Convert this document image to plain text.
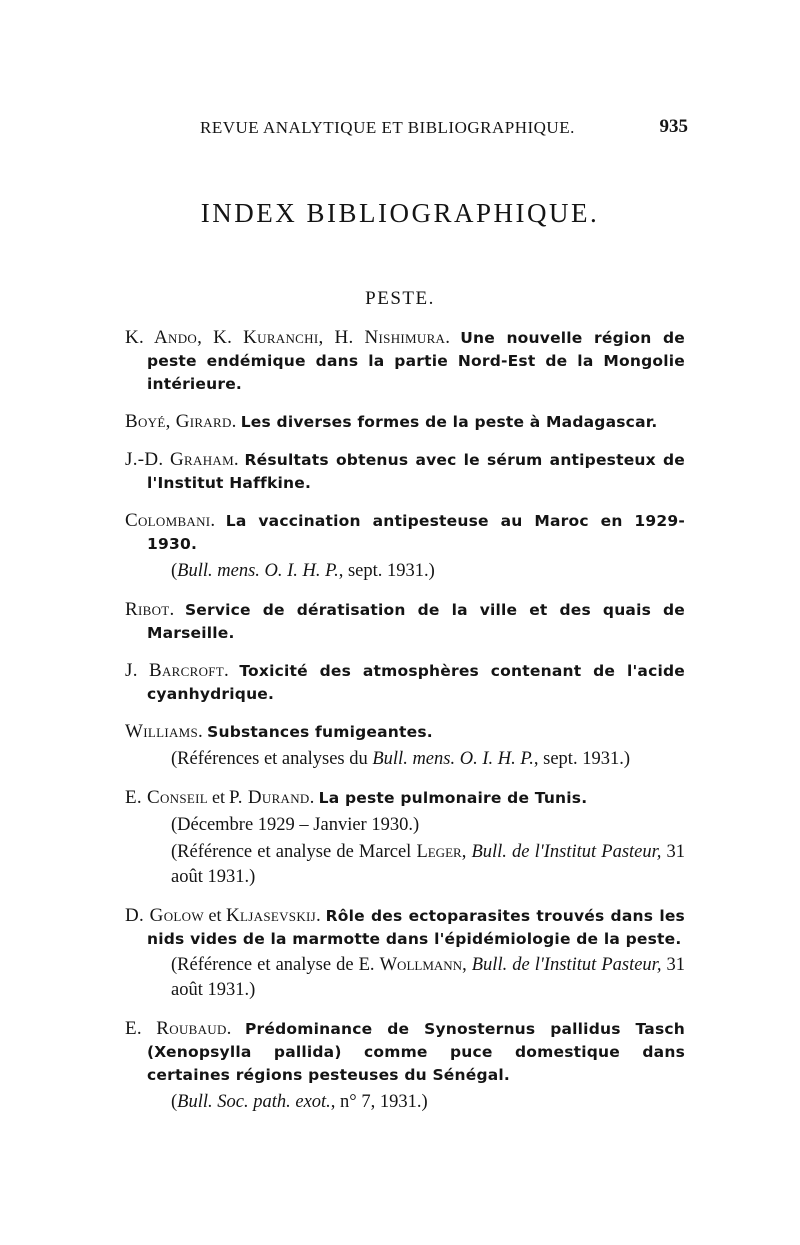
REVUE ANALYTIQUE ET BIBLIOGRAPHIQUE.	935
INDEX BIBLIOGRAPHIQUE.
PESTE.

K. Ando, K. Kuranchi, H. Nishimura. Une nouvelle région de peste endémique dans la partie Nord-Est de la Mongolie intérieure.

Boyé, Girard. Les diverses formes de la peste à Madagascar.

J.-D. Graham. Résultats obtenus avec le sérum antipesteux de l'Institut Haffkine.

Colombani. La vaccination antipesteuse au Maroc en 1929-1930.

(Bull. mens. O. I. H. P., sept. 1931.)

Ribot. Service de dératisation de la ville et des quais de Marseille.

J. Barcroft. Toxicité des atmosphères contenant de l'acide cyanhydrique.

Williams. Substances fumigeantes.

(Références et analyses du Bull. mens. O. I. H. P., sept. 1931.)

E. Conseil et P. Durand. La peste pulmonaire de Tunis.

(Décembre 1929 – Janvier 1930.)
(Référence et analyse de Marcel Leger, Bull. de l'Institut Pasteur, 31 août 1931.)

D. Golow et Kljasevskij. Rôle des ectoparasites trouvés dans les nids vides de la marmotte dans l'épidémiologie de la peste.

(Référence et analyse de E. Wollmann, Bull. de l'Institut Pasteur, 31 août 1931.)

E. Roubaud. Prédominance de Synosternus pallidus Tasch (Xenopsylla pallida) comme puce domestique dans certaines régions pesteuses du Sénégal.

(Bull. Soc. path. exot., n° 7, 1931.)
